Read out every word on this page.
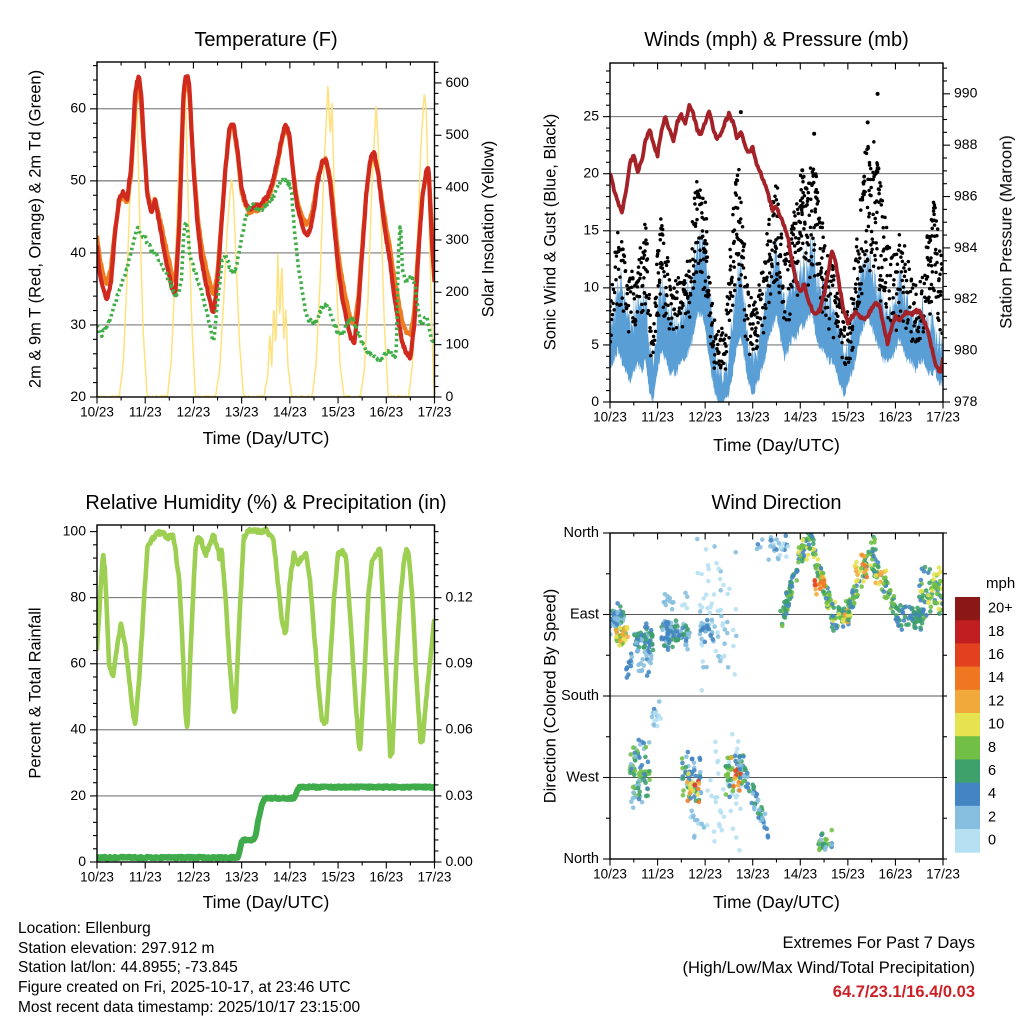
Temperature (F)	Winds (mph) & Pressure (mb)
Relative Humidity (%) & Precipitation (in)	Wind Direction
Time (Day/UTC)	Time (Day/UTC)
Time (Day/UTC)	Time (Day/UTC)
2m & 9m T (Red, Orange) & 2m Td (Green)	Solar Insolation (Yellow)	Sonic Wind & Gust (Blue, Black)	Station Pressure (Maroon)
Percent & Total Rainfall	Direction (Colored By Speed)
Location: Ellenburg
Station elevation: 297.912 m
Station lat/lon: 44.8955; -73.845
Figure created on Fri, 2025-10-17, at 23:46 UTC
Most recent data timestamp: 2025/10/17 23:15:00
Extremes For Past 7 Days
(High/Low/Max Wind/Total Precipitation)
64.7/23.1/16.4/0.03
